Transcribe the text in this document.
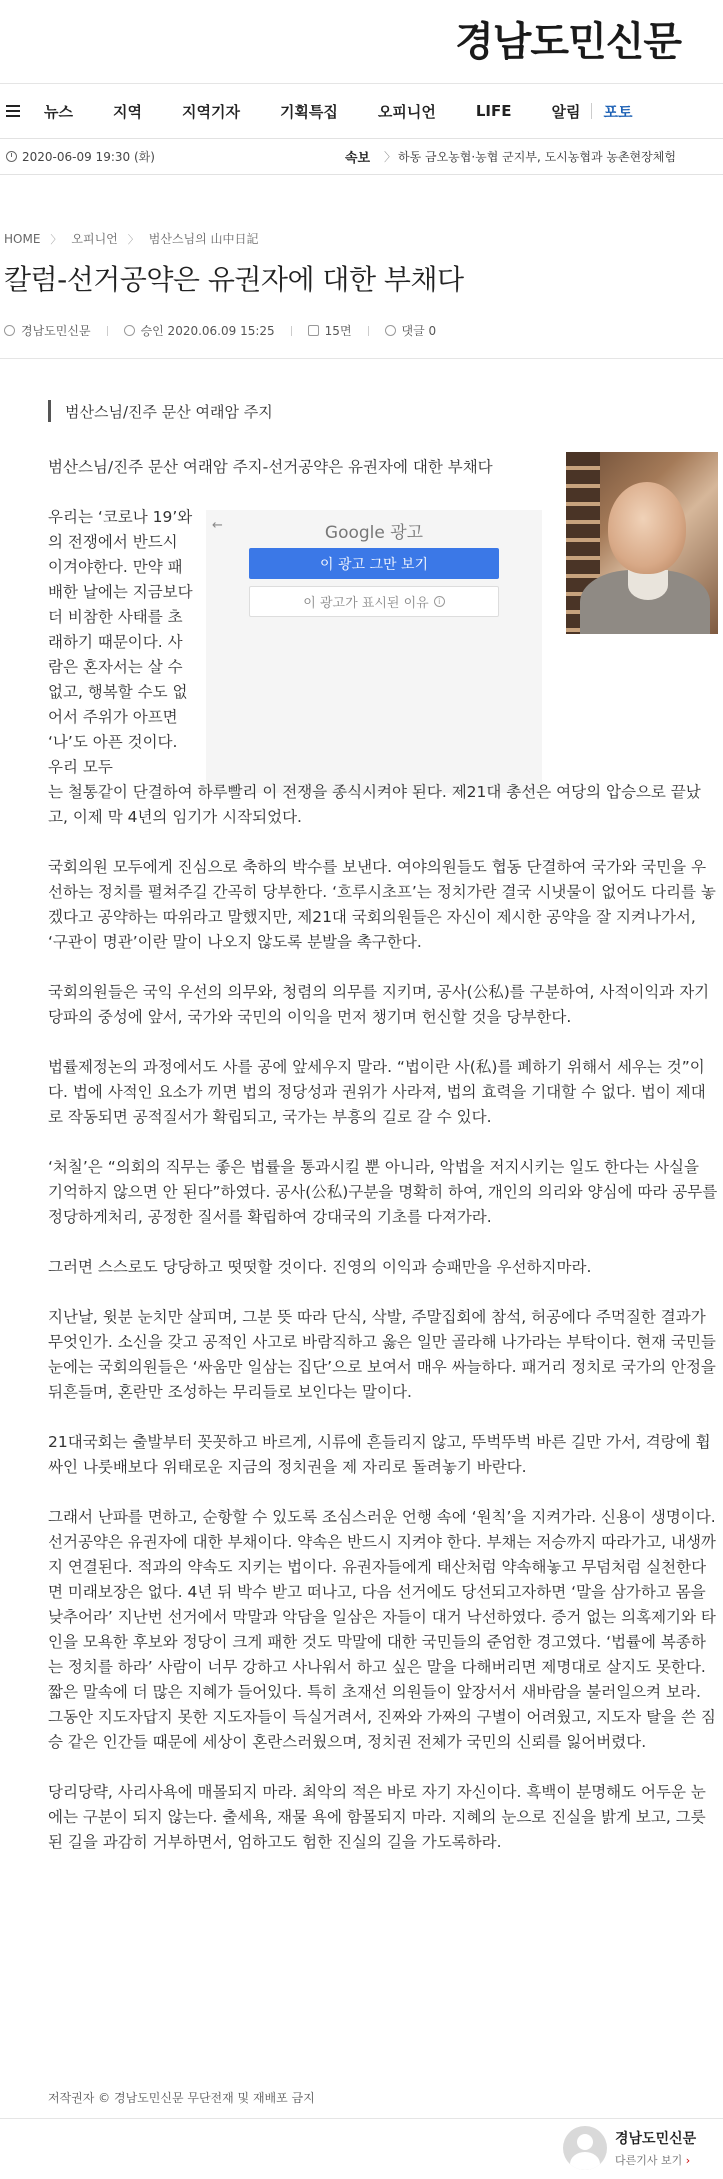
경남도민신문
뉴스	지역	지역기자	기획특집	오피니언	LIFE	알림 포토
2020-06-09 19:30 (화)	속보 〉 하동 금오농협·농협 군지부, 도시농협과 농촌현장체험
HOME 〉 오피니언 〉 범산스님의 山中日記
칼럼-선거공약은 유권자에 대한 부채다
경남도민신문	승인 2020.06.09 15:25	15면	댓글 0
범산스님/진주 문산 여래암 주지
←	Google 광고
이 광고 그만 보기
이 광고가 표시된 이유	i

범산스님/진주 문산 여래암 주지-선거공약은 유권자에 대한 부채다

우리는 ‘코로나 19’와의 전쟁에서 반드시 이겨야한다. 만약 패배한 날에는 지금보다 더 비참한 사태를 초래하기 때문이다. 사람은 혼자서는 살 수 없고, 행복할 수도 없어서 주위가 아프면 ‘나’도 아픈 것이다. 우리 모두
는 철통같이 단결하여 하루빨리 이 전쟁을 종식시켜야 된다. 제21대 총선은 여당의 압승으로 끝났고, 이제 막 4년의 임기가 시작되었다.

국회의원 모두에게 진심으로 축하의 박수를 보낸다. 여야의원들도 협동 단결하여 국가와 국민을 우선하는 정치를 펼쳐주길 간곡히 당부한다. ‘흐루시초프’는 정치가란 결국 시냇물이 없어도 다리를 놓겠다고 공약하는 따위라고 말했지만, 제21대 국회의원들은 자신이 제시한 공약을 잘 지켜나가서, ‘구관이 명관’이란 말이 나오지 않도록 분발을 촉구한다.

국회의원들은 국익 우선의 의무와, 청렴의 의무를 지키며, 공사(公私)를 구분하여, 사적이익과 자기 당파의 중성에 앞서, 국가와 국민의 이익을 먼저 챙기며 헌신할 것을 당부한다.

법률제정논의 과정에서도 사를 공에 앞세우지 말라. “법이란 사(私)를 폐하기 위해서 세우는 것”이다. 법에 사적인 요소가 끼면 법의 정당성과 권위가 사라져, 법의 효력을 기대할 수 없다. 법이 제대로 작동되면 공적질서가 확립되고, 국가는 부흥의 길로 갈 수 있다.

‘처칠’은 “의회의 직무는 좋은 법률을 통과시킬 뿐 아니라, 악법을 저지시키는 일도 한다는 사실을 기억하지 않으면 안 된다”하였다. 공사(公私)구분을 명확히 하여, 개인의 의리와 양심에 따라 공무를 정당하게처리, 공정한 질서를 확립하여 강대국의 기초를 다져가라.

그러면 스스로도 당당하고 떳떳할 것이다. 진영의 이익과 승패만을 우선하지마라.

지난날, 윗분 눈치만 살피며, 그분 뜻 따라 단식, 삭발, 주말집회에 참석, 허공에다 주먹질한 결과가 무엇인가. 소신을 갖고 공적인 사고로 바람직하고 옳은 일만 골라해 나가라는 부탁이다. 현재 국민들 눈에는 국회의원들은 ‘싸움만 일삼는 집단’으로 보여서 매우 싸늘하다. 패거리 정치로 국가의 안정을 뒤흔들며, 혼란만 조성하는 무리들로 보인다는 말이다.

21대국회는 출발부터 꼿꼿하고 바르게, 시류에 흔들리지 않고, 뚜벅뚜벅 바른 길만 가서, 격랑에 휩싸인 나룻배보다 위태로운 지금의 정치권을 제 자리로 돌려놓기 바란다.

그래서 난파를 면하고, 순항할 수 있도록 조심스러운 언행 속에 ‘원칙’을 지켜가라. 신용이 생명이다. 선거공약은 유권자에 대한 부채이다. 약속은 반드시 지켜야 한다. 부채는 저승까지 따라가고, 내생까지 연결된다. 적과의 약속도 지키는 법이다. 유권자들에게 태산처럼 약속해놓고 무덤처럼 실천한다면 미래보장은 없다. 4년 뒤 박수 받고 떠나고, 다음 선거에도 당선되고자하면 ‘말을 삼가하고 몸을 낮추어라’ 지난번 선거에서 막말과 악담을 일삼은 자들이 대거 낙선하였다. 증거 없는 의혹제기와 타인을 모욕한 후보와 정당이 크게 패한 것도 막말에 대한 국민들의 준엄한 경고였다. ‘법률에 복종하는 정치를 하라’ 사람이 너무 강하고 사나워서 하고 싶은 말을 다해버리면 제명대로 살지도 못한다. 짧은 말속에 더 많은 지혜가 들어있다. 특히 초재선 의원들이 앞장서서 새바람을 불러일으켜 보라. 그동안 지도자답지 못한 지도자들이 득실거려서, 진짜와 가짜의 구별이 어려웠고, 지도자 탈을 쓴 짐승 같은 인간들 때문에 세상이 혼란스러웠으며, 정치권 전체가 국민의 신뢰를 잃어버렸다.

당리당략, 사리사욕에 매몰되지 마라. 최악의 적은 바로 자기 자신이다. 흑백이 분명해도 어두운 눈에는 구분이 되지 않는다. 출세욕, 재물 욕에 함몰되지 마라. 지혜의 눈으로 진실을 밝게 보고, 그릇된 길을 과감히 거부하면서, 엄하고도 험한 진실의 길을 가도록하라.

저작권자 © 경남도민신문 무단전재 및 재배포 금지
경남도민신문
다른기사 보기 ›
